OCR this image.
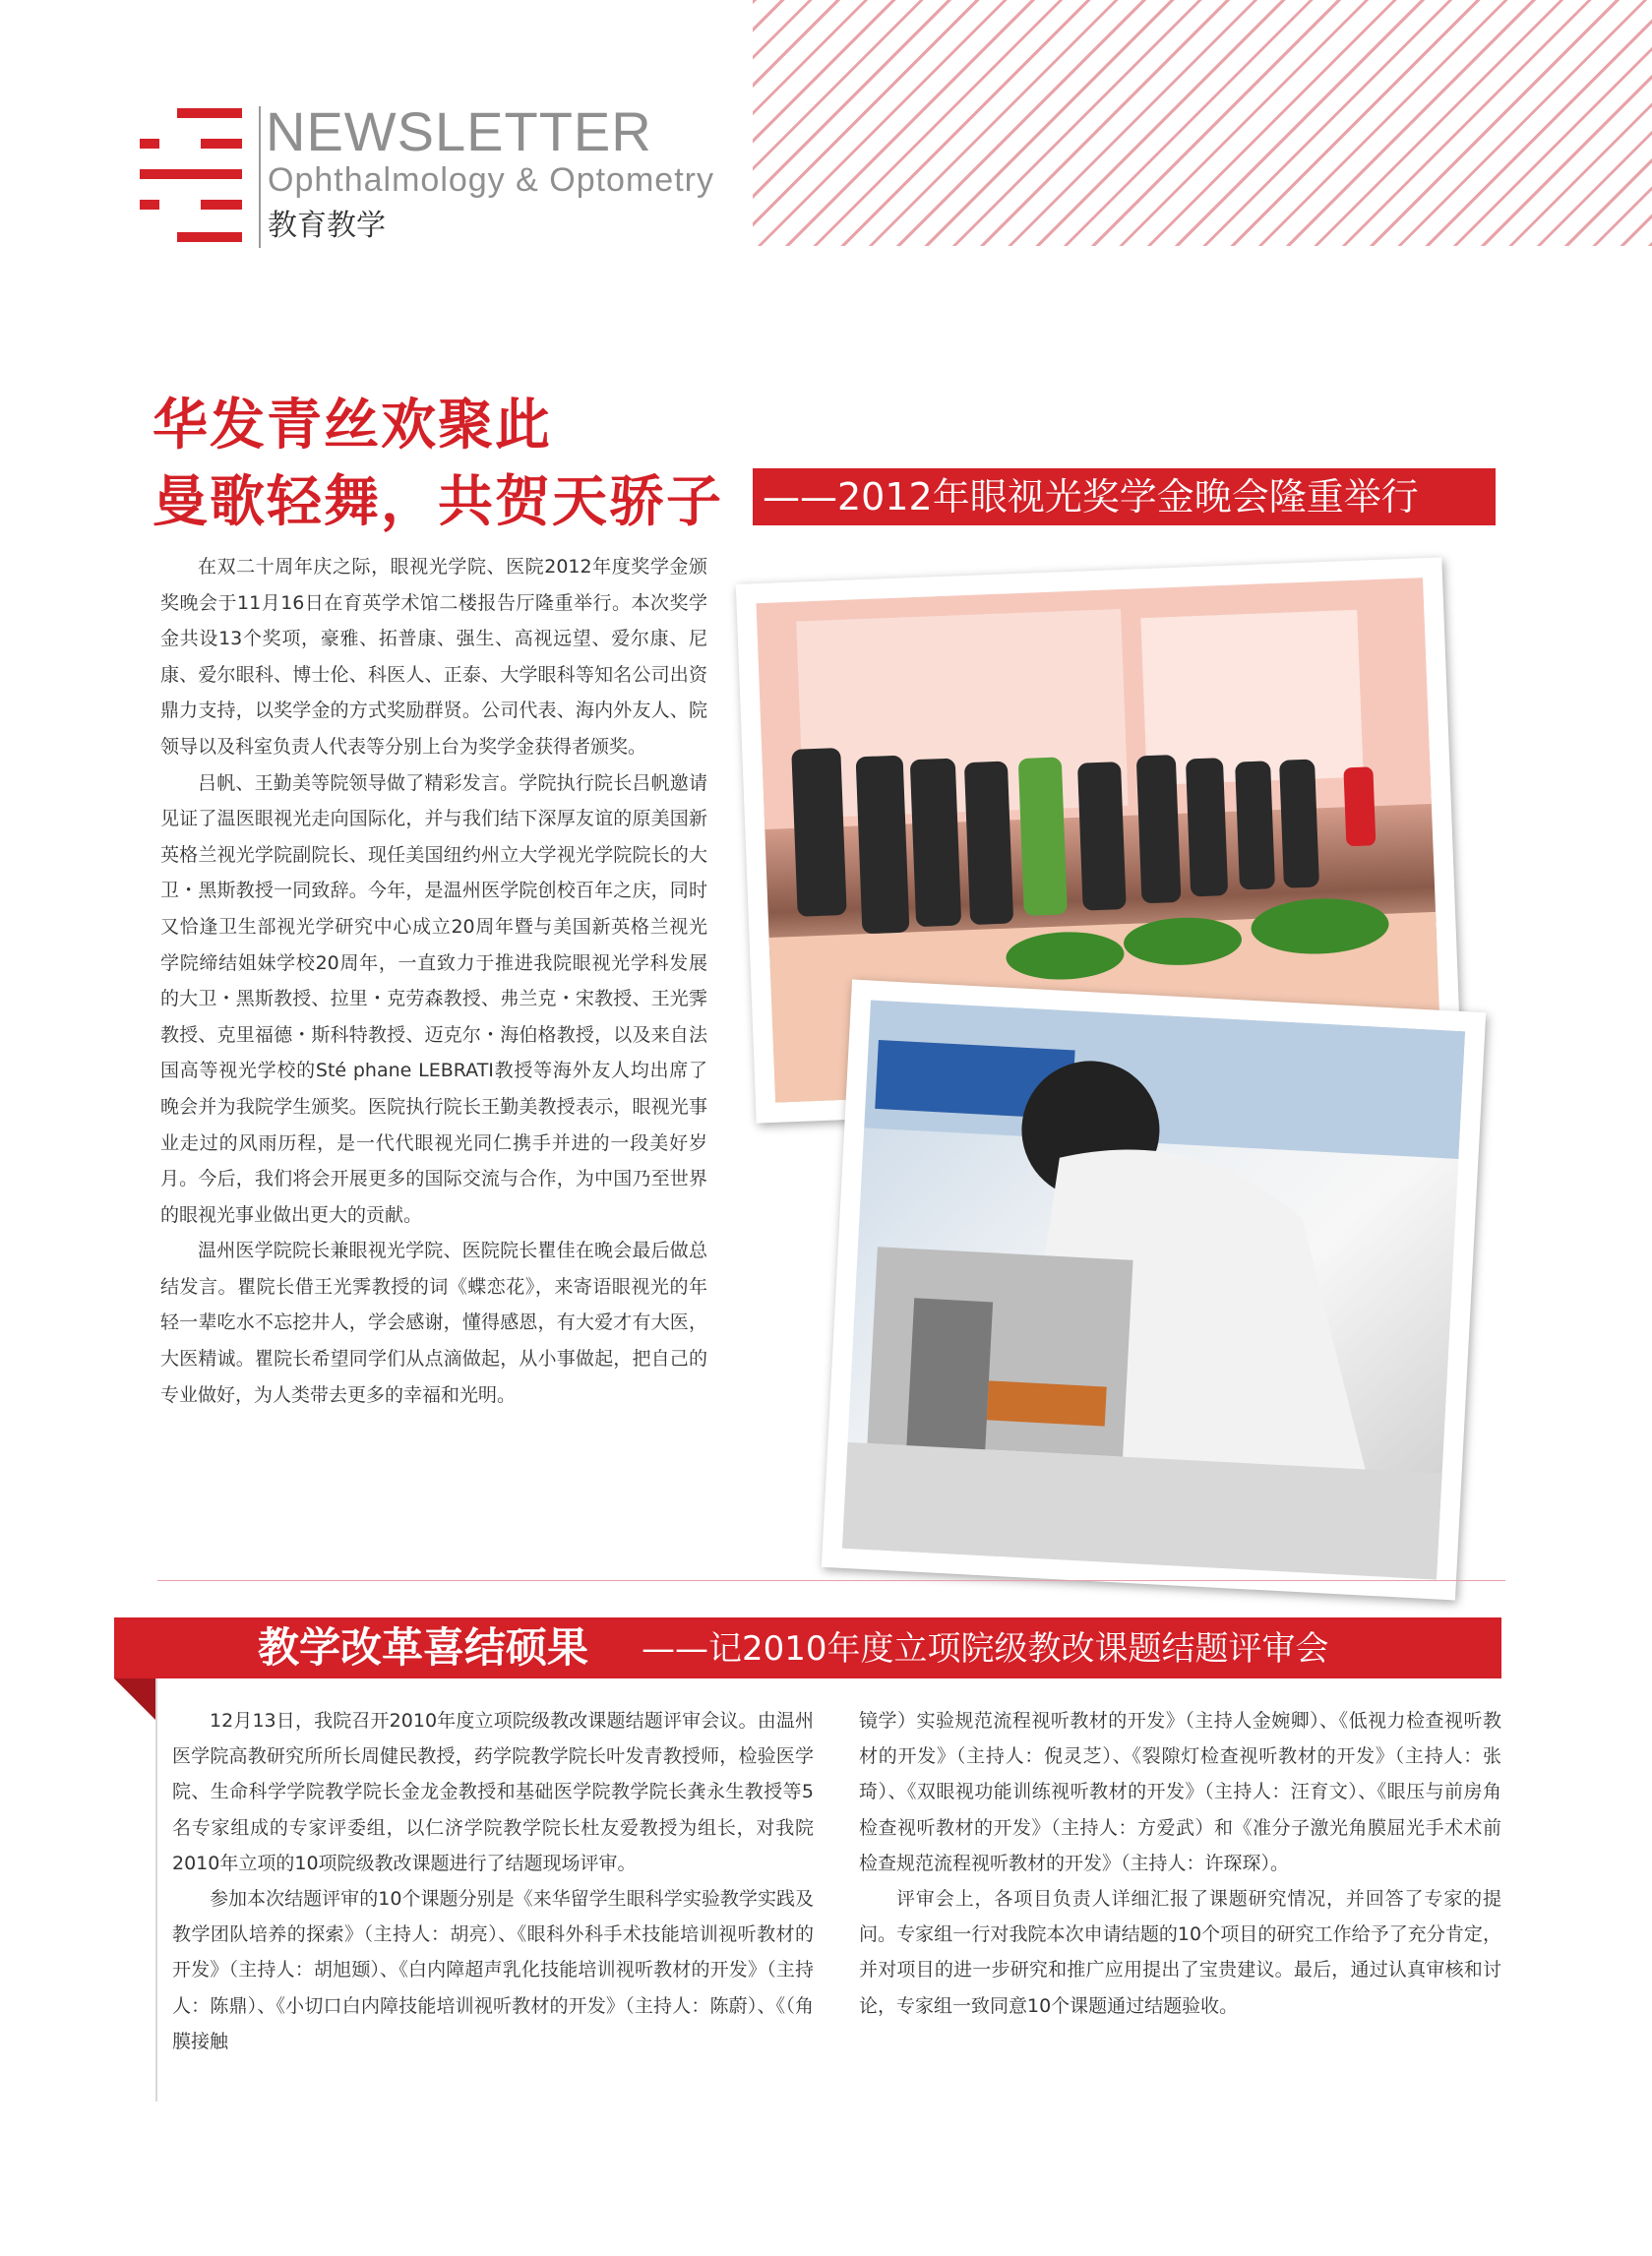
NEWSLETTER
Ophthalmology & Optometry
教育教学
华发青丝欢聚此
曼歌轻舞，共贺天骄子 ——2012年眼视光奖学金晚会隆重举行

在双二十周年庆之际，眼视光学院、医院2012年度奖学金颁奖晚会于11月16日在育英学术馆二楼报告厅隆重举行。本次奖学金共设13个奖项，豪雅、拓普康、强生、高视远望、爱尔康、尼康、爱尔眼科、博士伦、科医人、正泰、大学眼科等知名公司出资鼎力支持，以奖学金的方式奖励群贤。公司代表、海内外友人、院领导以及科室负责人代表等分别上台为奖学金获得者颁奖。

吕帆、王勤美等院领导做了精彩发言。学院执行院长吕帆邀请见证了温医眼视光走向国际化，并与我们结下深厚友谊的原美国新英格兰视光学院副院长、现任美国纽约州立大学视光学院院长的大卫・黑斯教授一同致辞。今年，是温州医学院创校百年之庆，同时又恰逢卫生部视光学研究中心成立20周年暨与美国新英格兰视光学院缔结姐妹学校20周年，一直致力于推进我院眼视光学科发展的大卫・黑斯教授、拉里・克劳森教授、弗兰克・宋教授、王光霁教授、克里福德・斯科特教授、迈克尔・海伯格教授，以及来自法国高等视光学校的Sté phane LEBRATI教授等海外友人均出席了晚会并为我院学生颁奖。医院执行院长王勤美教授表示，眼视光事业走过的风雨历程，是一代代眼视光同仁携手并进的一段美好岁月。今后，我们将会开展更多的国际交流与合作，为中国乃至世界的眼视光事业做出更大的贡献。

温州医学院院长兼眼视光学院、医院院长瞿佳在晚会最后做总结发言。瞿院长借王光霁教授的词《蝶恋花》，来寄语眼视光的年轻一辈吃水不忘挖井人，学会感谢，懂得感恩，有大爱才有大医，大医精诚。瞿院长希望同学们从点滴做起，从小事做起，把自己的专业做好，为人类带去更多的幸福和光明。

教学改革喜结硕果 ——记2010年度立项院级教改课题结题评审会

12月13日，我院召开2010年度立项院级教改课题结题评审会议。由温州医学院高教研究所所长周健民教授，药学院教学院长叶发青教授师，检验医学院、生命科学学院教学院长金龙金教授和基础医学院教学院长龚永生教授等5名专家组成的专家评委组，以仁济学院教学院长杜友爱教授为组长，对我院2010年立项的10项院级教改课题进行了结题现场评审。

参加本次结题评审的10个课题分别是《来华留学生眼科学实验教学实践及教学团队培养的探索》（主持人：胡亮）、《眼科外科手术技能培训视听教材的开发》（主持人：胡旭颋）、《白内障超声乳化技能培训视听教材的开发》（主持人：陈鼎）、《小切口白内障技能培训视听教材的开发》（主持人：陈蔚）、《（角膜接触

镜学）实验规范流程视听教材的开发》（主持人金婉卿）、《低视力检查视听教材的开发》（主持人：倪灵芝）、《裂隙灯检查视听教材的开发》（主持人：张琦）、《双眼视功能训练视听教材的开发》（主持人：汪育文）、《眼压与前房角检查视听教材的开发》（主持人：方爱武）和《准分子激光角膜屈光手术术前检查规范流程视听教材的开发》（主持人：许琛琛）。

评审会上，各项目负责人详细汇报了课题研究情况，并回答了专家的提问。专家组一行对我院本次申请结题的10个项目的研究工作给予了充分肯定，并对项目的进一步研究和推广应用提出了宝贵建议。最后，通过认真审核和讨论，专家组一致同意10个课题通过结题验收。
